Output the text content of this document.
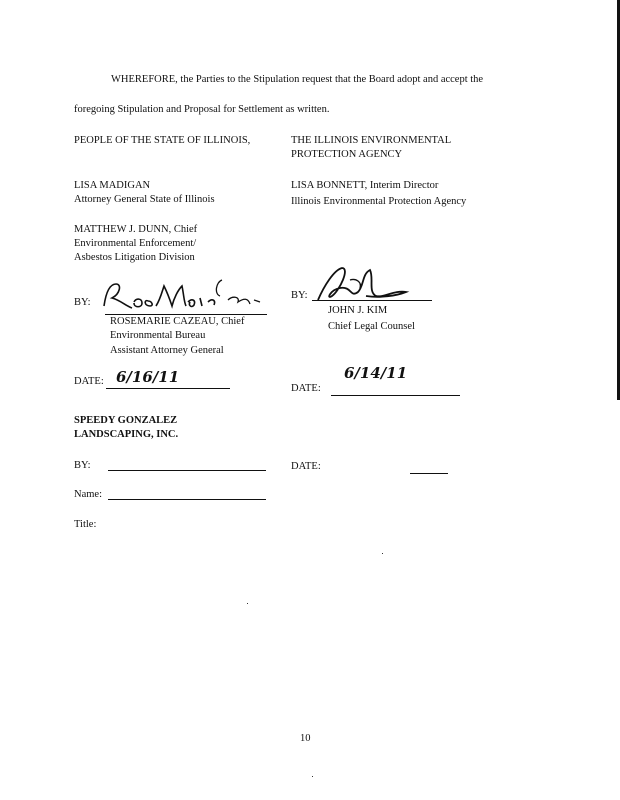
WHEREFORE, the Parties to the Stipulation request that the Board adopt and accept the
foregoing Stipulation and Proposal for Settlement as written.
PEOPLE OF THE STATE OF ILLINOIS,
LISA MADIGAN
Attorney General State of Illinois
MATTHEW J. DUNN, Chief
Environmental Enforcement/
Asbestos Litigation Division
BY:
ROSEMARIE CAZEAU, Chief
Environmental Bureau
Assistant Attorney General
DATE: 6/16/11
THE ILLINOIS ENVIRONMENTAL
PROTECTION AGENCY
LISA BONNETT, Interim Director
Illinois Environmental Protection Agency
BY:
JOHN J. KIM
Chief Legal Counsel
DATE:
6/14/11
SPEEDY GONZALEZ
LANDSCAPING, INC.
BY:	DATE:
Name:
Title:
10
